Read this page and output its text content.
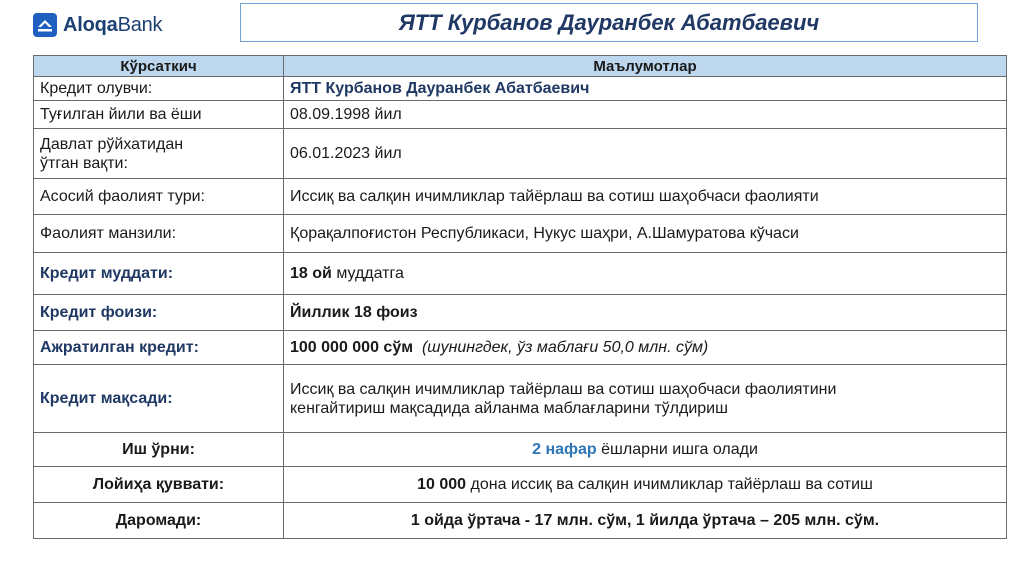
AloqaBank	ЯТТ Курбанов Дауранбек Абатбаевич
Кўрсаткич	Маълумотлар
Кредит олувчи:	ЯТТ Курбанов Дауранбек Абатбаевич
Туғилган йили ва ёши	08.09.1998 йил
Давлат рўйхатидан
ўтган вақти:	06.01.2023 йил
Асосий фаолият тури:	Иссиқ ва салқин ичимликлар тайёрлаш ва сотиш шаҳобчаси фаолияти
Фаолият манзили:	Қорақалпоғистон Республикаси, Нукус шаҳри, А.Шамуратова кўчаси
Кредит муддати:	18 ой муддатга
Кредит фоизи:	Йиллик 18 фоиз
Ажратилган кредит:	100 000 000 сўм (шунингдек, ўз маблағи 50,0 млн. сўм)
Кредит мақсади:	Иссиқ ва салқин ичимликлар тайёрлаш ва сотиш шаҳобчаси фаолиятини
кенгайтириш мақсадида айланма маблағларини тўлдириш
Иш ўрни:	2 нафар ёшларни ишга олади
Лойиҳа қуввати:	10 000 дона иссиқ ва салқин ичимликлар тайёрлаш ва сотиш
Даромади:	1 ойда ўртача - 17 млн. сўм, 1 йилда ўртача – 205 млн. сўм.
